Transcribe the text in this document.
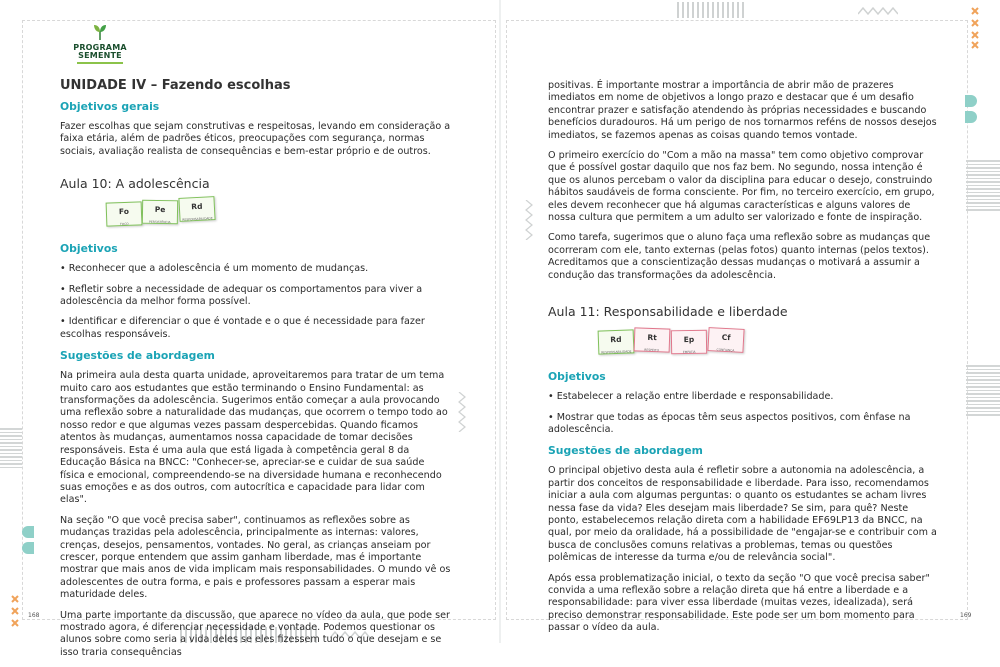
PROGRAMA
SEMENTE
UNIDADE IV – Fazendo escolhas
Objetivos gerais

Fazer escolhas que sejam construtivas e respeitosas, levando em consideração a faixa etária, além de padrões éticos, preocupações com segurança, normas sociais, avaliação realista de consequências e bem-estar próprio e de outros.

Aula 10: A adolescência
Fo
FOCO
Pe
PERSISTÊNCIA
Rd
RESPONSABILIDADE
Objetivos

• Reconhecer que a adolescência é um momento de mudanças.

• Refletir sobre a necessidade de adequar os comportamentos para viver a adolescência da melhor forma possível.

• Identificar e diferenciar o que é vontade e o que é necessidade para fazer escolhas responsáveis.

Sugestões de abordagem

Na primeira aula desta quarta unidade, aproveitaremos para tratar de um tema muito caro aos estudantes que estão terminando o Ensino Fundamental: as transformações da adolescência. Sugerimos então começar a aula provocando uma reflexão sobre a naturalidade das mudanças, que ocorrem o tempo todo ao nosso redor e que algumas vezes passam despercebidas. Quando ficamos atentos às mudanças, aumentamos nossa capacidade de tomar decisões responsáveis. Esta é uma aula que está ligada à competência geral 8 da Educação Básica na BNCC: "Conhecer-se, apreciar-se e cuidar de sua saúde física e emocional, compreendendo-se na diversidade humana e reconhecendo suas emoções e as dos outros, com autocrítica e capacidade para lidar com elas".

Na seção "O que você precisa saber", continuamos as reflexões sobre as mudanças trazidas pela adolescência, principalmente as internas: valores, crenças, desejos, pensamentos, vontades. No geral, as crianças anseiam por crescer, porque entendem que assim ganham liberdade, mas é importante mostrar que mais anos de vida implicam mais responsabilidades. O mundo vê os adolescentes de outra forma, e pais e professores passam a esperar mais maturidade deles.

Uma parte importante da discussão, que aparece no vídeo da aula, que pode ser mostrado agora, é diferenciar necessidade e vontade. Podemos questionar os alunos sobre como seria a vida deles se eles fizessem tudo o que desejam e se isso traria consequências

168

positivas. É importante mostrar a importância de abrir mão de prazeres imediatos em nome de objetivos a longo prazo e destacar que é um desafio encontrar prazer e satisfação atendendo às próprias necessidades e buscando benefícios duradouros. Há um perigo de nos tornarmos reféns de nossos desejos imediatos, se fazemos apenas as coisas quando temos vontade.

O primeiro exercício do "Com a mão na massa" tem como objetivo comprovar que é possível gostar daquilo que nos faz bem. No segundo, nossa intenção é que os alunos percebam o valor da disciplina para educar o desejo, construindo hábitos saudáveis de forma consciente. Por fim, no terceiro exercício, em grupo, eles devem reconhecer que há algumas características e alguns valores de nossa cultura que permitem a um adulto ser valorizado e fonte de inspiração.

Como tarefa, sugerimos que o aluno faça uma reflexão sobre as mudanças que ocorreram com ele, tanto externas (pelas fotos) quanto internas (pelos textos). Acreditamos que a conscientização dessas mudanças o motivará a assumir a condução das transformações da adolescência.

Aula 11: Responsabilidade e liberdade
Rd
RESPONSABILIDADE
Rt
RESPEITO
Ep
EMPATIA
Cf
CONFIANÇA
Objetivos

• Estabelecer a relação entre liberdade e responsabilidade.

• Mostrar que todas as épocas têm seus aspectos positivos, com ênfase na adolescência.

Sugestões de abordagem

O principal objetivo desta aula é refletir sobre a autonomia na adolescência, a partir dos conceitos de responsabilidade e liberdade. Para isso, recomendamos iniciar a aula com algumas perguntas: o quanto os estudantes se acham livres nessa fase da vida? Eles desejam mais liberdade? Se sim, para quê? Neste ponto, estabelecemos relação direta com a habilidade EF69LP13 da BNCC, na qual, por meio da oralidade, há a possibilidade de "engajar-se e contribuir com a busca de conclusões comuns relativas a problemas, temas ou questões polêmicas de interesse da turma e/ou de relevância social".

Após essa problematização inicial, o texto da seção "O que você precisa saber" convida a uma reflexão sobre a relação direta que há entre a liberdade e a responsabilidade: para viver essa liberdade (muitas vezes, idealizada), será preciso demonstrar responsabilidade. Este pode ser um bom momento para passar o vídeo da aula.

169
